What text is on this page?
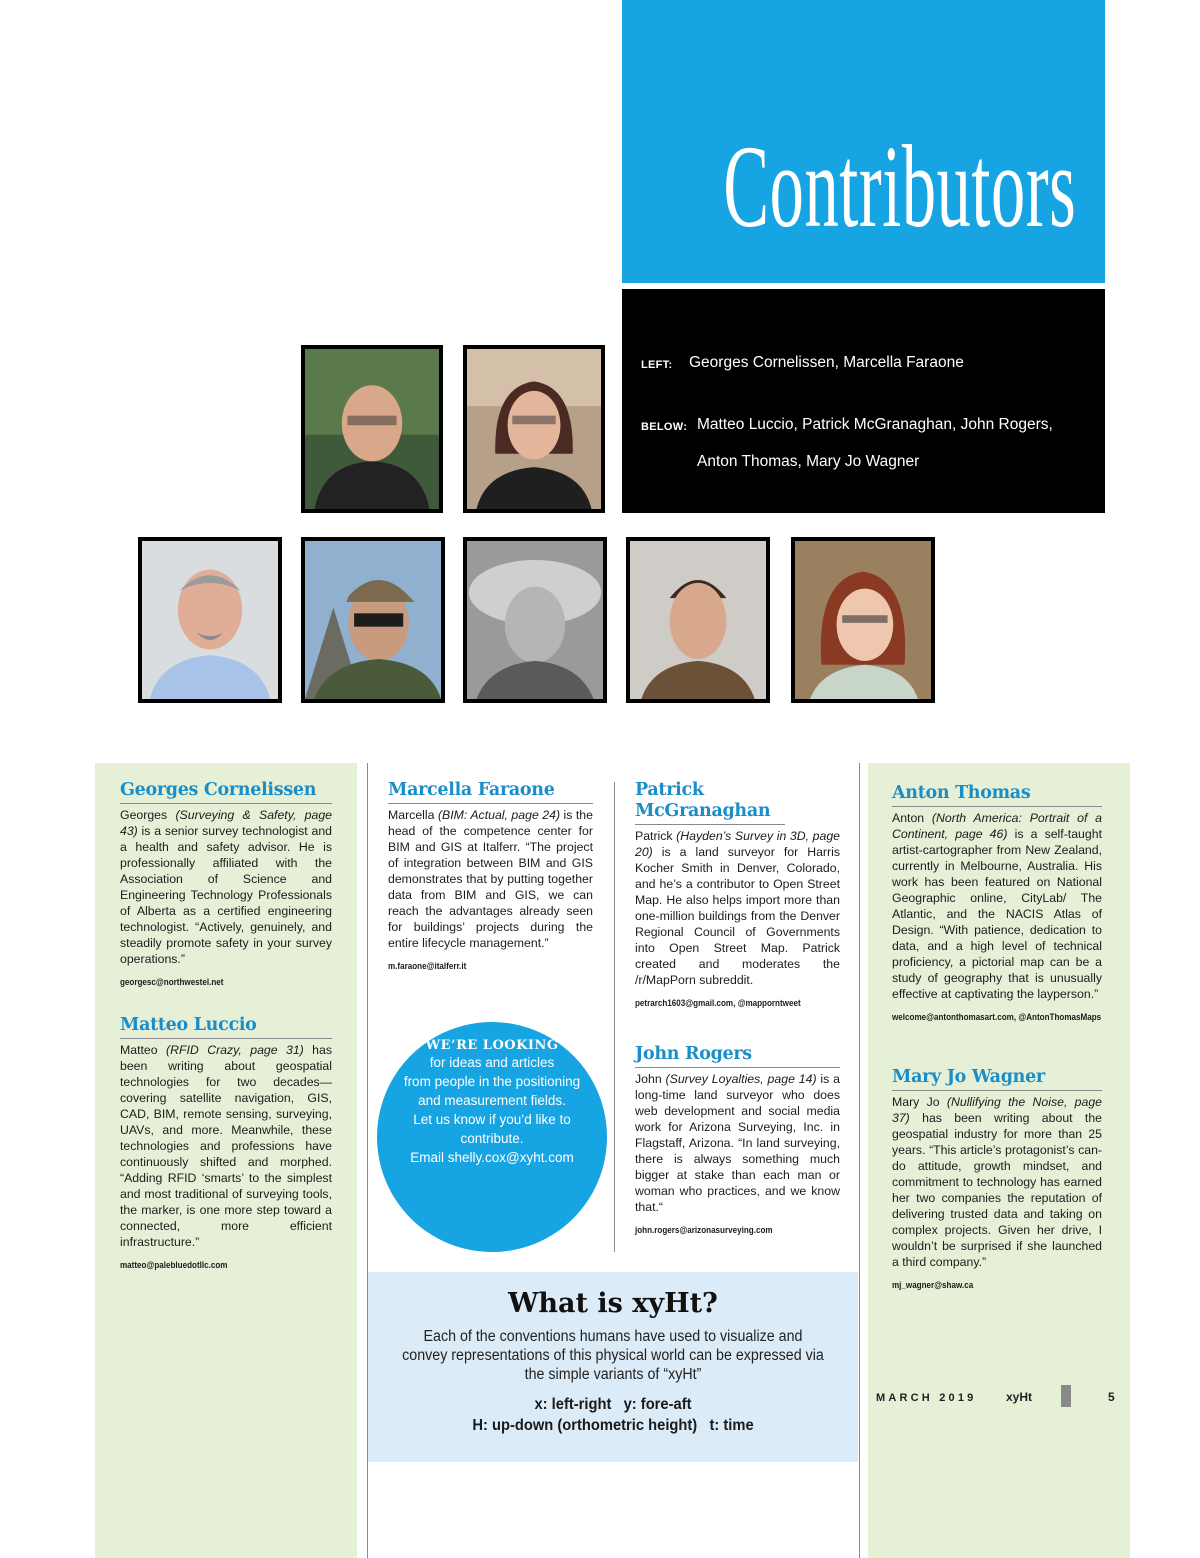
Contributors
LEFT: Georges Cornelissen, Marcella Faraone
BELOW: Matteo Luccio, Patrick McGranaghan, John Rogers,
Anton Thomas, Mary Jo Wagner
Georges Cornelissen
Georges (Surveying & Safety, page 43) is a senior survey technologist and a health and safety advisor. He is professionally affiliated with the Association of Science and Engineering Technology Professionals of Alberta as a certified engineering technologist. “Actively, genuinely, and steadily promote safety in your survey operations.”
georgesc@northwestel.net
Matteo Luccio
Matteo (RFID Crazy, page 31) has been writing about geospatial technologies for two decades—covering satellite navigation, GIS, CAD, BIM, remote sensing, surveying, UAVs, and more. Meanwhile, these technologies and professions have continuously shifted and morphed. “Adding RFID ‘smarts’ to the simplest and most traditional of surveying tools, the marker, is one more step toward a connected, more efficient infrastructure.”
matteo@palebluedotllc.com
Marcella Faraone
Marcella (BIM: Actual, page 24) is the head of the competence center for BIM and GIS at Italferr. “The project of integration between BIM and GIS demonstrates that by putting together data from BIM and GIS, we can reach the advantages already seen for buildings’ projects during the entire lifecycle management.”
m.faraone@italferr.it
Patrick McGranaghan
Patrick (Hayden’s Survey in 3D, page 20) is a land surveyor for Harris Kocher Smith in Denver, Colorado, and he’s a contributor to Open Street Map. He also helps import more than one-million buildings from the Denver Regional Council of Governments into Open Street Map. Patrick created and moderates the /r/MapPorn subreddit.
petrarch1603@gmail.com, @mapporntweet
John Rogers
John (Survey Loyalties, page 14) is a long-time land surveyor who does web development and social media work for Arizona Surveying, Inc. in Flagstaff, Arizona. “In land surveying, there is always something much bigger at stake than each man or woman who practices, and we know that.“
john.rogers@arizonasurveying.com
Anton Thomas
Anton (North America: Portrait of a Continent, page 46) is a self-taught artist-cartographer from New Zealand, currently in Melbourne, Australia. His work has been featured on National Geographic online, CityLab/ The Atlantic, and the NACIS Atlas of Design. “With patience, dedication to data, and a high level of technical proficiency, a pictorial map can be a study of geography that is unusually effective at captivating the layperson.”
welcome@antonthomasart.com, @AntonThomasMaps
Mary Jo Wagner
Mary Jo (Nullifying the Noise, page 37) has been writing about the geospatial industry for more than 25 years. “This article’s protagonist’s can-do attitude, growth mindset, and commitment to technology has earned her two companies the reputation of delivering trusted data and taking on complex projects. Given her drive, I wouldn’t be surprised if she launched a third company.”
mj_wagner@shaw.ca
WE’RE LOOKING
for ideas and articles
from people in the positioning
and measurement fields.
Let us know if you’d like to
contribute.
Email shelly.cox@xyht.com
What is xyHt?
Each of the conventions humans have used to visualize and convey representations of this physical world can be expressed via the simple variants of “xyHt”
x: left-right   y: fore-aft
H: up-down (orthometric height)   t: time
MARCH 2019 xyHt	5
